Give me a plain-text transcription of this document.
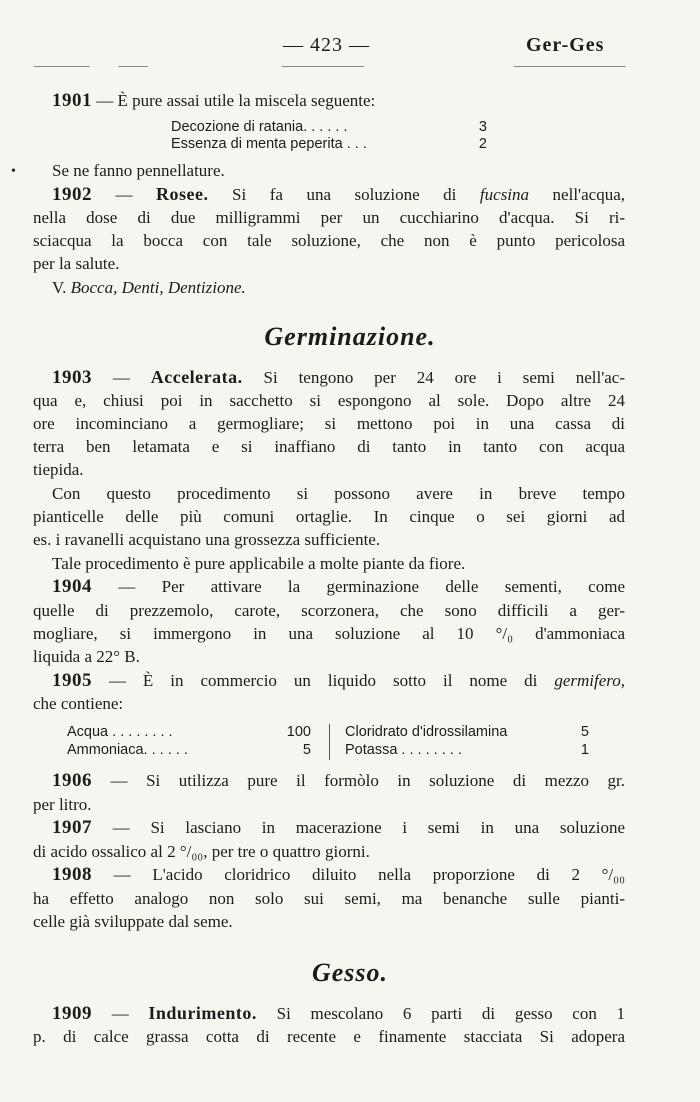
— 423 —	Ger-Ges
1901 — È pure assai utile la miscela seguente:
Decozione di ratania. . . . . .	3
Essenza di menta peperita . . .	2
• Se ne fanno pennellature.
1902 — Rosee. Si fa una soluzione di fucsina nell'acqua,
nella dose di due milligrammi per un cucchiarino d'acqua. Si ri-
sciacqua la bocca con tale soluzione, che non è punto pericolosa
per la salute.
V. Bocca, Denti, Dentizione.
Germinazione.
1903 — Accelerata. Si tengono per 24 ore i semi nell'ac-
qua e, chiusi poi in sacchetto si espongono al sole. Dopo altre 24
ore incominciano a germogliare; si mettono poi in una cassa di
terra ben letamata e si inaffiano di tanto in tanto con acqua
tiepida.
Con questo procedimento si possono avere in breve tempo
pianticelle delle più comuni ortaglie. In cinque o sei giorni ad
es. i ravanelli acquistano una grossezza sufficiente.
Tale procedimento è pure applicabile a molte piante da fiore.
1904 — Per attivare la germinazione delle sementi, come
quelle di prezzemolo, carote, scorzonera, che sono difficili a ger-
mogliare, si immergono in una soluzione al 10 °/₀ d'ammoniaca
liquida a 22° B.
1905 — È in commercio un liquido sotto il nome di germifero,
che contiene:
Acqua . . . . . . . .	100
Ammoniaca. . . . . .	5
Cloridrato d'idrossilamina	5
Potassa . . . . . . . .	1
1906 — Si utilizza pure il formòlo in soluzione di mezzo gr.
per litro.
1907 — Si lasciano in macerazione i semi in una soluzione
di acido ossalico al 2 °/₀₀, per tre o quattro giorni.
1908 — L'acido cloridrico diluito nella proporzione di 2 °/₀₀
ha effetto analogo non solo sui semi, ma benanche sulle pianti-
celle già sviluppate dal seme.
Gesso.
1909 — Indurimento. Si mescolano 6 parti di gesso con 1
p. di calce grassa cotta di recente e finamente stacciata Si adopera
